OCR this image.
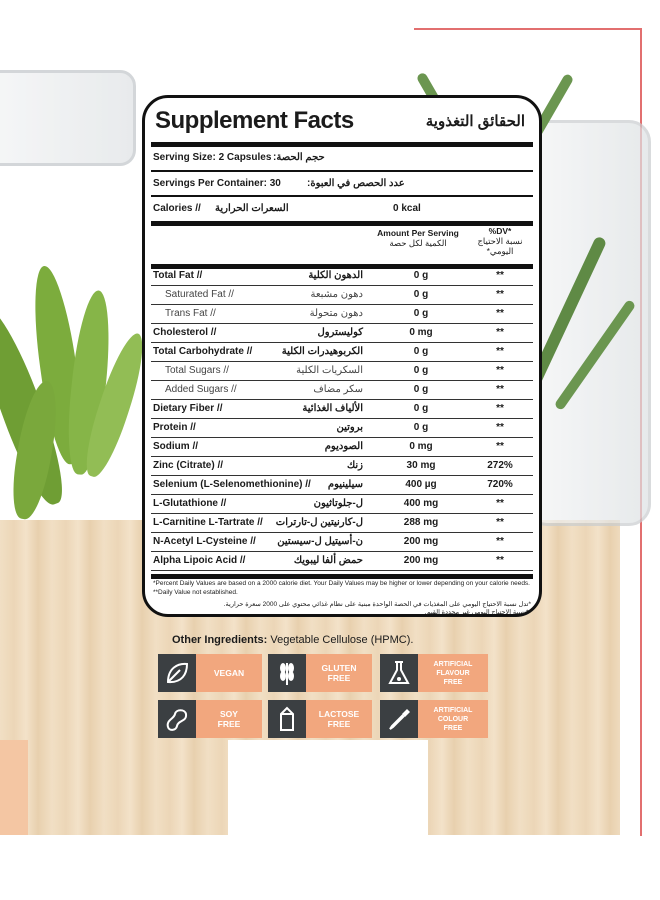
Supplement Facts	الحقائق التغذوية
Serving Size: 2 Capsules حجم الحصة:
Servings Per Container: 30	عدد الحصص في العبوة:
Calories // السعرات الحرارية	0 kcal
Amount Per Serving
الكمية لكل حصة
%DV*
نسبة الاحتياج اليومي*
Total Fat //	الدهون الكلية	0 g	**
Saturated Fat //	دهون مشبعة	0 g	**
Trans Fat //	دهون متحولة	0 g	**
Cholesterol //	كوليسترول	0 mg	**
Total Carbohydrate //	الكربوهيدرات الكلية	0 g	**
Total Sugars //	السكريات الكلية	0 g	**
Added Sugars //	سكر مضاف	0 g	**
Dietary Fiber //	الألياف الغذائية	0 g	**
Protein //	بروتين	0 g	**
Sodium //	الصوديوم	0 mg	**
Zinc (Citrate) //	زنك	30 mg	272%
Selenium (L-Selenomethionine) // سيلينيوم	400 µg	720%
L-Glutathione //	ل-جلوتاثيون	400 mg	**
L-Carnitine L-Tartrate // ل-كارنيتين ل-تارترات	288 mg	**
N-Acetyl L-Cysteine // ن-أسيتيل ل-سيستين	200 mg	**
Alpha Lipoic Acid //	حمض ألفا ليبويك	200 mg	**
*Percent Daily Values are based on a 2000 calorie diet. Your Daily Values may be higher or lower depending on your calorie needs.
**Daily Value not established.
*تدل نسبة الاحتياج اليومي على المغذيات في الحصة الواحدة مبنية على نظام غذائي محتوي على 2000 سعرة حرارية.
**نسبة الاحتياج اليومي غير محددة القيم.
Other Ingredients: Vegetable Cellulose (HPMC).
VEGAN	GLUTEN
FREE
ARTIFICIAL
FLAVOUR
FREE
SOY
FREE
LACTOSE
FREE
ARTIFICIAL
COLOUR
FREE
